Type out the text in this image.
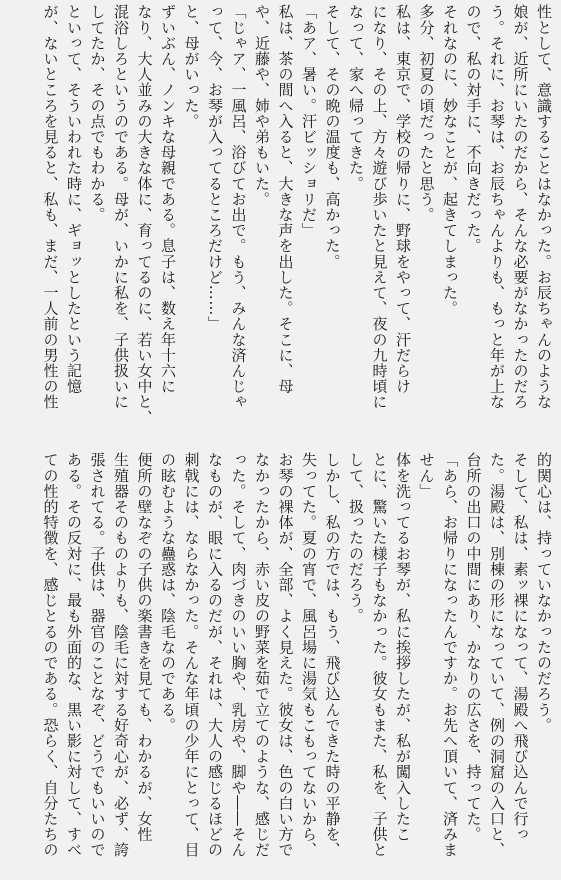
性として、意識することはなかった。お辰ちゃんのような
娘が、近所にいたのだから、そんな必要がなかったのだろ
う。それに、お琴は、お辰ちゃんよりも、もっと年が上な
ので、私の対手に、不向きだった。
それなのに、妙なことが、起きてしまった。
多分、初夏の頃だったと思う。
私は、東京で、学校の帰りに、野球をやって、汗だらけ
になり、その上、方々遊び歩いたと見えて、夜の九時頃に
なって、家へ帰ってきた。
そして、その晩の温度も、高かった。
「あア、暑い。汗ビッショリだ」
私は、茶の間へ入ると、大きな声を出した。そこに、母
や、近藤や、姉や弟もいた。
「じゃア、一風呂、浴びてお出で。もう、みんな済んじゃ
って、今、お琴が入ってるところだけど……」
と、母がいった。
ずいぶん、ノンキな母親である。息子は、数え年十六に
なり、大人並みの大きな体に、育ってるのに、若い女中と、
混浴しろというのである。母が、いかに私を、子供扱いに
してたか、その点でもわかる。
といって、そういわれた時に、ギョッとしたという記憶
が、ないところを見ると、私も、まだ、一人前の男性の性
的関心は、持っていなかったのだろう。
そして、私は、素ッ裸になって、湯殿へ飛び込んで行っ
た。湯殿は、別棟の形になっていて、例の洞窟の入口と、
台所の出口の中間にあり、かなりの広さを、持ってた。
「あら、お帰りになったんですか。お先へ頂いて、済みま
せん」
体を洗ってるお琴が、私に挨拶したが、私が闖入したこ
とに、驚いた様子もなかった。彼女もまた、私を、子供と
して、扱ったのだろう。
しかし、私の方では、もう、飛び込んできた時の平静を、
失ってた。夏の宵で、風呂場に湯気もこもってないから、
お琴の裸体が、全部、よく見えた。彼女は、色の白い方で
なかったから、赤い皮の野菜を茹で立てのような、感じだ
った。そして、肉づきのいい胸や、乳房や、脚や――そん
なものが、眼に入るのだが、それは、大人の感じるほどの
刺戟には、ならなかった。そんな年頃の少年にとって、目
の眩むような蠱惑は、陰毛なのである。
便所の壁なぞの子供の楽書きを見ても、わかるが、女性
生殖器そのものよりも、陰毛に対する好奇心が、必ず、誇
張されてる。子供は、器官のことなぞ、どうでもいいので
ある。その反対に、最も外面的な、黒い影に対して、すべ
ての性的特徴を、感じとるのである。恐らく、自分たちの
